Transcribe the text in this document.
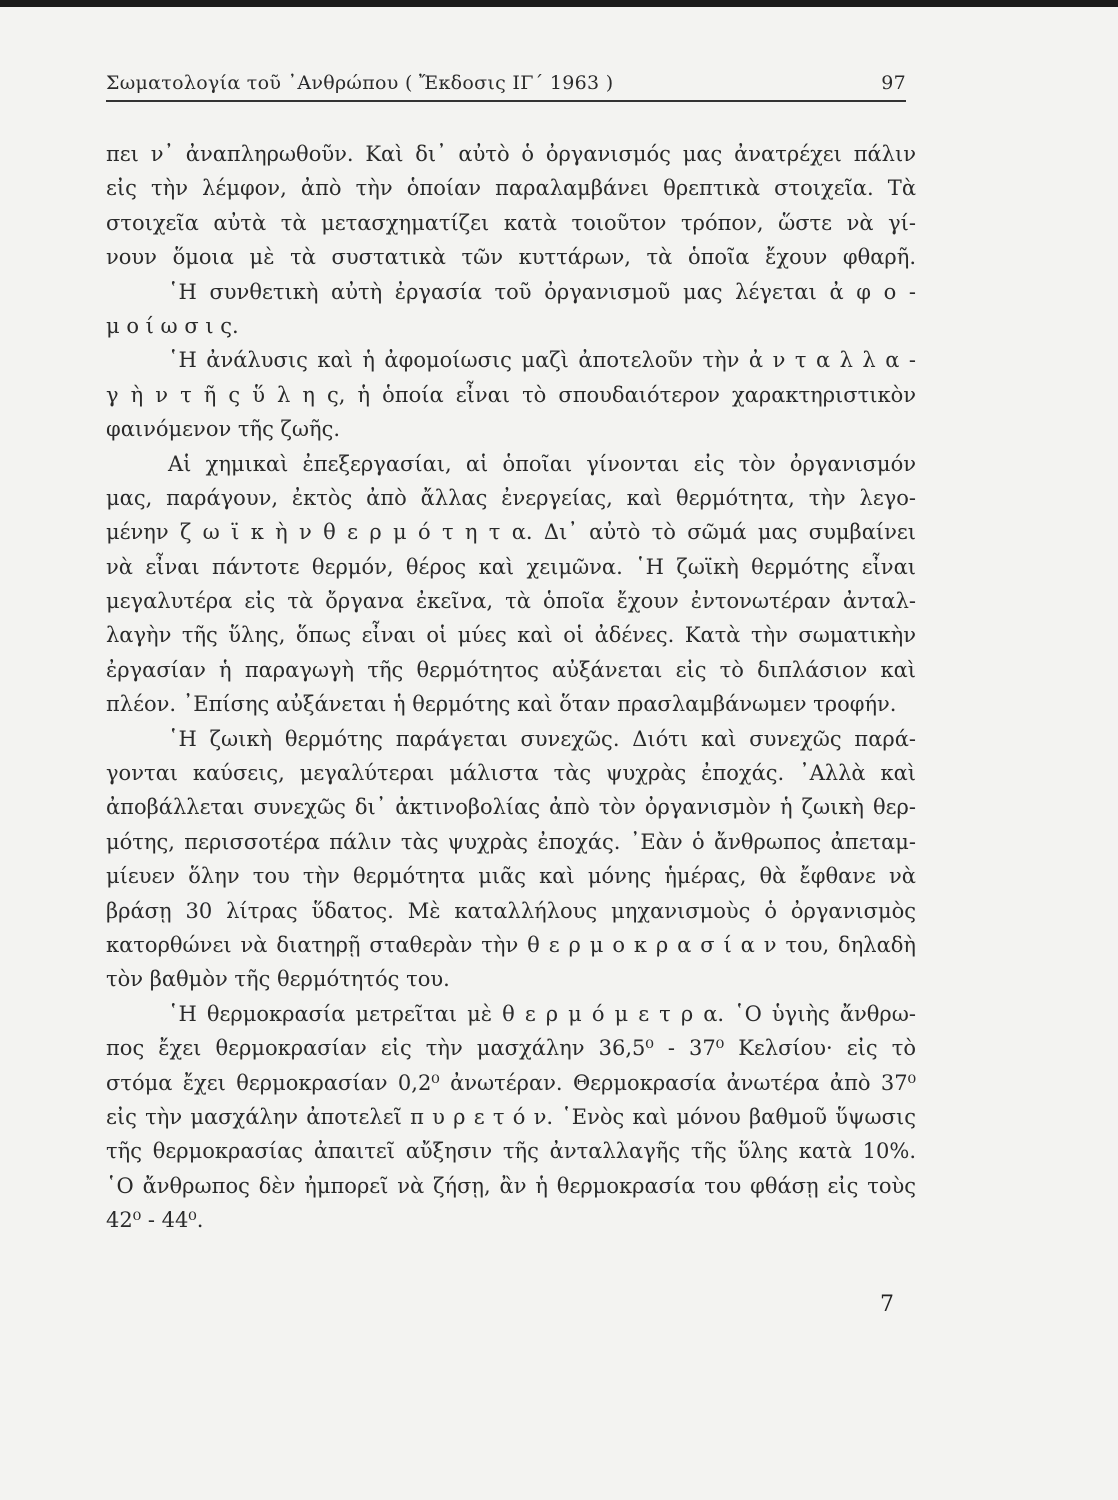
Σωματολογία τοῦ ᾿Ανθρώπου ( Ἔκδοσις ΙΓ΄ 1963 )	97
πει ν᾿ ἀναπληρωθοῦν. Καὶ δι᾿ αὐτὸ ὁ ὀργανισμός μας ἀνατρέχει πάλιν
εἰς τὴν λέμφον, ἀπὸ τὴν ὁποίαν παραλαμβάνει θρεπτικὰ στοιχεῖα. Τὰ
στοιχεῖα αὐτὰ τὰ μετασχηματίζει κατὰ τοιοῦτον τρόπον, ὥστε νὰ γί-
νουν ὅμοια μὲ τὰ συστατικὰ τῶν κυττάρων, τὰ ὁποῖα ἔχουν φθαρῆ.
῾Η συνθετικὴ αὐτὴ ἐργασία τοῦ ὀργανισμοῦ μας λέγεται ἀ φ ο -
μ ο ί ω σ ι ς.
῾Η ἀνάλυσις καὶ ἡ ἀφομοίωσις μαζὶ ἀποτελοῦν τὴν ἀ ν τ α λ λ α -
γ ὴ ν τ ῆ ς ὕ λ η ς, ἡ ὁποία εἶναι τὸ σπουδαιότερον χαρακτηριστικὸν
φαινόμενον τῆς ζωῆς.
Αἱ χημικαὶ ἐπεξεργασίαι, αἱ ὁποῖαι γίνονται εἰς τὸν ὀργανισμόν
μας, παράγουν, ἐκτὸς ἀπὸ ἄλλας ἐνεργείας, καὶ θερμότητα, τὴν λεγο-
μένην ζ ω ϊ κ ὴ ν θ ε ρ μ ό τ η τ α. Δι᾿ αὐτὸ τὸ σῶμά μας συμβαίνει
νὰ εἶναι πάντοτε θερμόν, θέρος καὶ χειμῶνα. ῾Η ζωϊκὴ θερμότης εἶναι
μεγαλυτέρα εἰς τὰ ὄργανα ἐκεῖνα, τὰ ὁποῖα ἔχουν ἐντονωτέραν ἀνταλ-
λαγὴν τῆς ὕλης, ὅπως εἶναι οἱ μύες καὶ οἱ ἀδένες. Κατὰ τὴν σωματικὴν
ἐργασίαν ἡ παραγωγὴ τῆς θερμότητος αὐξάνεται εἰς τὸ διπλάσιον καὶ
πλέον. ᾿Επίσης αὐξάνεται ἡ θερμότης καὶ ὅταν πρασλαμβάνωμεν τροφήν.
῾Η ζωικὴ θερμότης παράγεται συνεχῶς. Διότι καὶ συνεχῶς παρά-
γονται καύσεις, μεγαλύτεραι μάλιστα τὰς ψυχρὰς ἐποχάς. ᾿Αλλὰ καὶ
ἀποβάλλεται συνεχῶς δι᾿ ἀκτινοβολίας ἀπὸ τὸν ὀργανισμὸν ἡ ζωικὴ θερ-
μότης, περισσοτέρα πάλιν τὰς ψυχρὰς ἐποχάς. ᾿Εὰν ὁ ἄνθρωπος ἀπεταμ-
μίευεν ὅλην του τὴν θερμότητα μιᾶς καὶ μόνης ἡμέρας, θὰ ἔφθανε νὰ
βράσῃ 30 λίτρας ὕδατος. Μὲ καταλλήλους μηχανισμοὺς ὁ ὀργανισμὸς
κατορθώνει νὰ διατηρῇ σταθερὰν τὴν θ ε ρ μ ο κ ρ α σ ί α ν του, δηλαδὴ
τὸν βαθμὸν τῆς θερμότητός του.
῾Η θερμοκρασία μετρεῖται μὲ θ ε ρ μ ό μ ε τ ρ α. ῾Ο ὑγιὴς ἄνθρω-
πος ἔχει θερμοκρασίαν εἰς τὴν μασχάλην 36,5⁰ - 37⁰ Κελσίου· εἰς τὸ
στόμα ἔχει θερμοκρασίαν 0,2⁰ ἀνωτέραν. Θερμοκρασία ἀνωτέρα ἀπὸ 37⁰
εἰς τὴν μασχάλην ἀποτελεῖ π υ ρ ε τ ό ν. ῾Ενὸς καὶ μόνου βαθμοῦ ὕψωσις
τῆς θερμοκρασίας ἀπαιτεῖ αὔξησιν τῆς ἀνταλλαγῆς τῆς ὕλης κατὰ 10%.
῾Ο ἄνθρωπος δὲν ἠμπορεῖ νὰ ζήσῃ, ἂν ἡ θερμοκρασία του φθάσῃ εἰς τοὺς
42⁰ - 44⁰.
7
